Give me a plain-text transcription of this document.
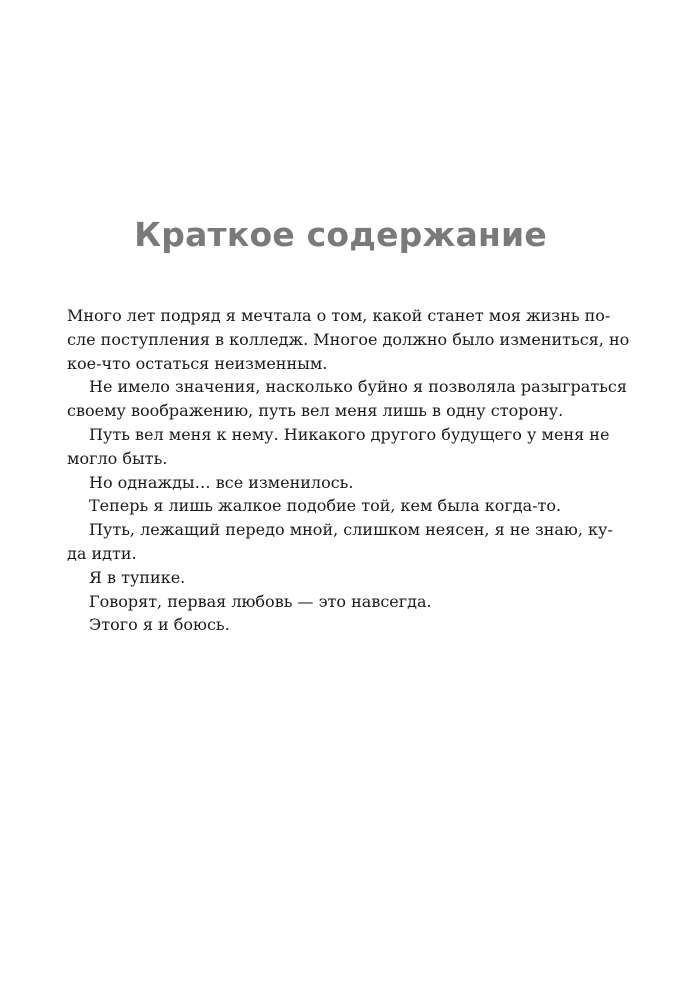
Краткое содержание
Много лет подряд я мечтала о том, какой станет моя жизнь по-
сле поступления в колледж. Многое должно было измениться, но
кое-что остаться неизменным.
Не имело значения, насколько буйно я позволяла разыграться
своему воображению, путь вел меня лишь в одну сторону.
Путь вел меня к нему. Никакого другого будущего у меня не
могло быть.
Но однажды… все изменилось.
Теперь я лишь жалкое подобие той, кем была когда-то.
Путь, лежащий передо мной, слишком неясен, я не знаю, ку-
да идти.
Я в тупике.
Говорят, первая любовь — это навсегда.
Этого я и боюсь.
